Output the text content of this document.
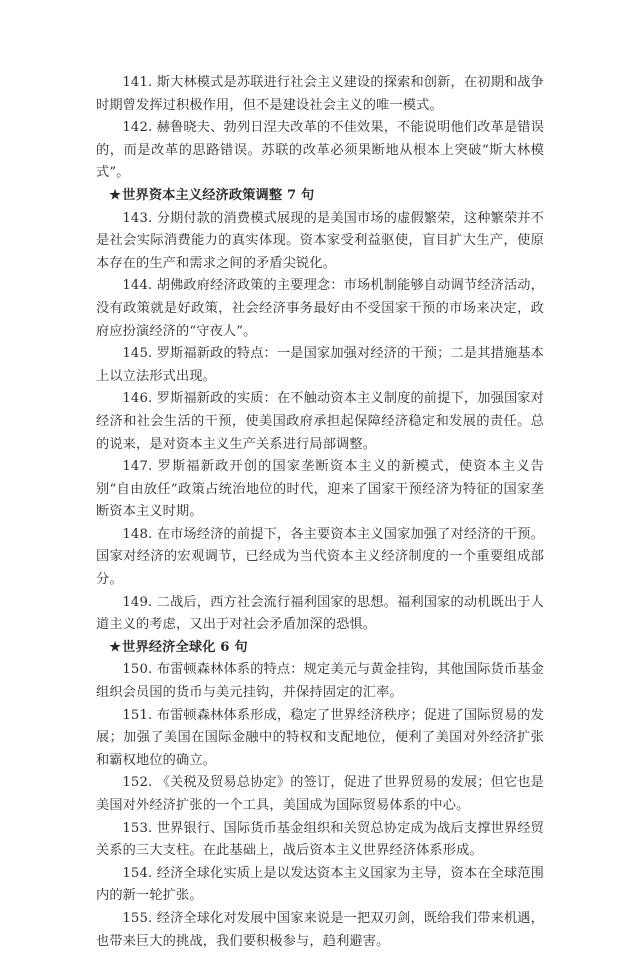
141. 斯大林模式是苏联进行社会主义建设的探索和创新，在初期和战争时期曾发挥过积极作用，但不是建设社会主义的唯一模式。

142. 赫鲁晓夫、勃列日涅夫改革的不佳效果，不能说明他们改革是错误的，而是改革的思路错误。苏联的改革必须果断地从根本上突破“斯大林模式”。

★世界资本主义经济政策调整 7 句

143. 分期付款的消费模式展现的是美国市场的虚假繁荣，这种繁荣并不是社会实际消费能力的真实体现。资本家受利益驱使，盲目扩大生产，使原本存在的生产和需求之间的矛盾尖锐化。

144. 胡佛政府经济政策的主要理念：市场机制能够自动调节经济活动，没有政策就是好政策，社会经济事务最好由不受国家干预的市场来决定，政府应扮演经济的“守夜人”。

145. 罗斯福新政的特点：一是国家加强对经济的干预；二是其措施基本上以立法形式出现。

146. 罗斯福新政的实质：在不触动资本主义制度的前提下，加强国家对经济和社会生活的干预，使美国政府承担起保障经济稳定和发展的责任。总的说来，是对资本主义生产关系进行局部调整。

147. 罗斯福新政开创的国家垄断资本主义的新模式，使资本主义告别“自由放任”政策占统治地位的时代，迎来了国家干预经济为特征的国家垄断资本主义时期。

148. 在市场经济的前提下，各主要资本主义国家加强了对经济的干预。国家对经济的宏观调节，已经成为当代资本主义经济制度的一个重要组成部分。

149. 二战后，西方社会流行福利国家的思想。福利国家的动机既出于人道主义的考虑，又出于对社会矛盾加深的恐惧。

★世界经济全球化 6 句

150. 布雷顿森林体系的特点：规定美元与黄金挂钩，其他国际货币基金组织会员国的货币与美元挂钩，并保持固定的汇率。

151. 布雷顿森林体系形成，稳定了世界经济秩序；促进了国际贸易的发展；加强了美国在国际金融中的特权和支配地位，便利了美国对外经济扩张和霸权地位的确立。

152. 《关税及贸易总协定》的签订，促进了世界贸易的发展；但它也是美国对外经济扩张的一个工具，美国成为国际贸易体系的中心。

153. 世界银行、国际货币基金组织和关贸总协定成为战后支撑世界经贸关系的三大支柱。在此基础上，战后资本主义世界经济体系形成。

154. 经济全球化实质上是以发达资本主义国家为主导，资本在全球范围内的新一轮扩张。

155. 经济全球化对发展中国家来说是一把双刃剑，既给我们带来机遇，也带来巨大的挑战，我们要积极参与，趋利避害。
